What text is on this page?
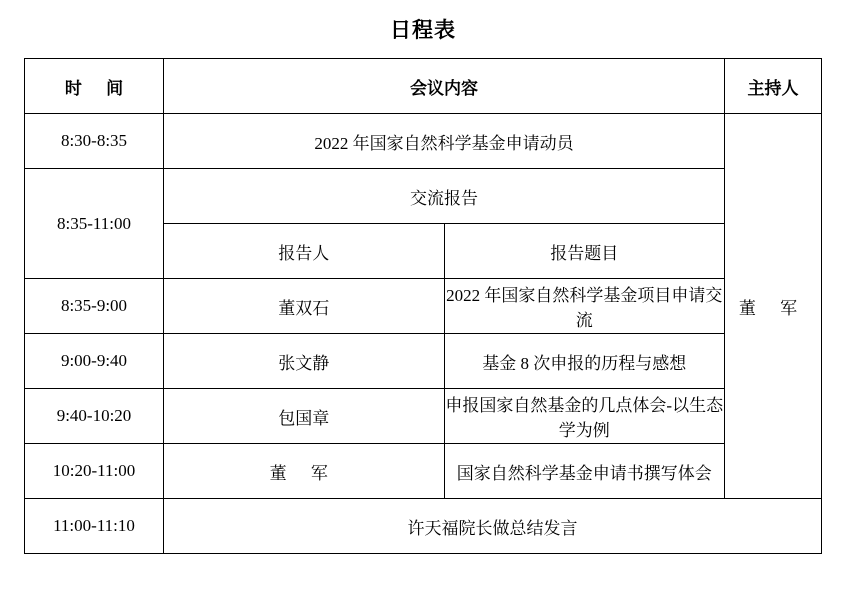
日程表
时 间	会议内容		主持人
8:30-8:35	2022 年国家自然科学基金申请动员		董 军
8:35-11:00	交流报告		
	报告人	报告题目	
8:35-9:00	董双石	2022 年国家自然科学基金项目申请交流	
9:00-9:40	张文静	基金 8 次申报的历程与感想	
9:40-10:20	包国章	申报国家自然基金的几点体会-以生态学为例	
10:20-11:00	董 军	国家自然科学基金申请书撰写体会	
11:00-11:10	许天福院长做总结发言		
